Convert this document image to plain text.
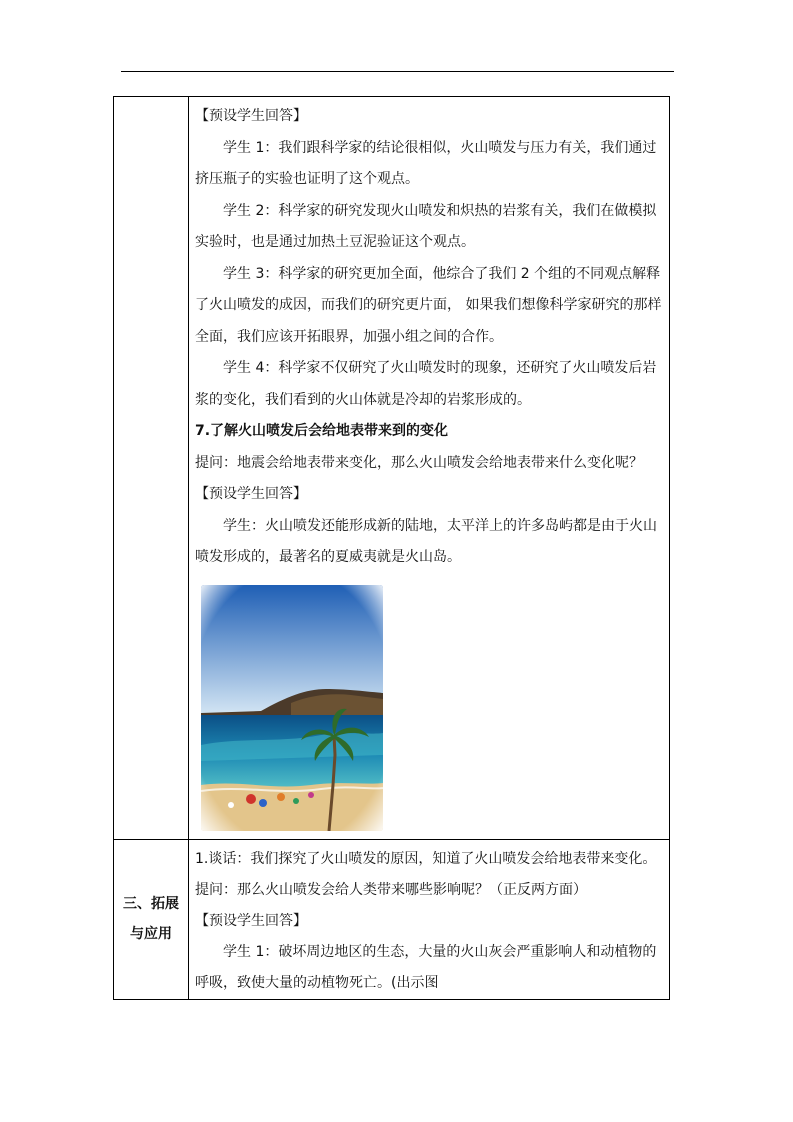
【预设学生回答】
学生 1：我们跟科学家的结论很相似，火山喷发与压力有关，我们通过
挤压瓶子的实验也证明了这个观点。
学生 2：科学家的研究发现火山喷发和炽热的岩浆有关，我们在做模拟
实验时，也是通过加热土豆泥验证这个观点。
学生 3：科学家的研究更加全面，他综合了我们 2 个组的不同观点解释
了火山喷发的成因，而我们的研究更片面， 如果我们想像科学家研究的那样
全面，我们应该开拓眼界，加强小组之间的合作。
学生 4：科学家不仅研究了火山喷发时的现象，还研究了火山喷发后岩
浆的变化，我们看到的火山体就是冷却的岩浆形成的。
7.了解火山喷发后会给地表带来到的变化
提问：地震会给地表带来变化，那么火山喷发会给地表带来什么变化呢？
【预设学生回答】
学生：火山喷发还能形成新的陆地，太平洋上的许多岛屿都是由于火山
喷发形成的，最著名的夏威夷就是火山岛。
三、拓展
与应用
1.谈话：我们探究了火山喷发的原因，知道了火山喷发会给地表带来变化。
提问：那么火山喷发会给人类带来哪些影响呢？（正反两方面）
【预设学生回答】
学生 1：破坏周边地区的生态，大量的火山灰会严重影响人和动植物的
呼吸，致使大量的动植物死亡。(出示图
